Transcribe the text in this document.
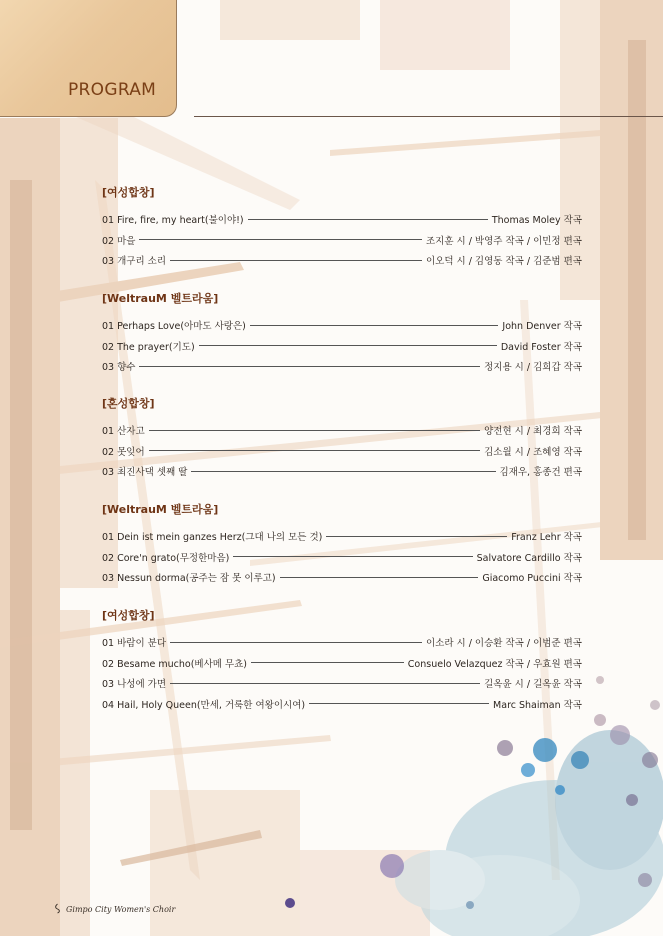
PROGRAM
[여성합창]
01 Fire, fire, my heart(불이야!)	Thomas Moley 작곡
02 마을	조지훈 시 / 박영주 작곡 / 이민정 편곡
03 개구리 소리	이오덕 시 / 김영동 작곡 / 김준범 편곡
[WeltrauM 벨트라움]
01 Perhaps Love(아마도 사랑은)	John Denver 작곡
02 The prayer(기도)	David Foster 작곡
03 향수	정지용 시 / 김희갑 작곡
[혼성합창]
01 산자고	양전현 시 / 최경희 작곡
02 못잊어	김소월 시 / 조혜영 작곡
03 최진사댁 셋째 딸	김재우, 홍종건 편곡
[WeltrauM 벨트라움]
01 Dein ist mein ganzes Herz(그대 나의 모든 것)	Franz Lehr 작곡
02 Core'n grato(무정한마음)	Salvatore Cardillo 작곡
03 Nessun dorma(공주는 잠 못 이루고)	Giacomo Puccini 작곡
[여성합창]
01 바람이 분다	이소라 시 / 이승환 작곡 / 이범준 편곡
02 Besame mucho(베사메 무쵸)	Consuelo Velazquez 작곡 / 우효원 편곡
03 나성에 가면	길옥윤 시 / 길옥윤 작곡
04 Hail, Holy Queen(만세, 거룩한 여왕이시여)	Marc Shaiman 작곡
Gimpo City Women's Choir
